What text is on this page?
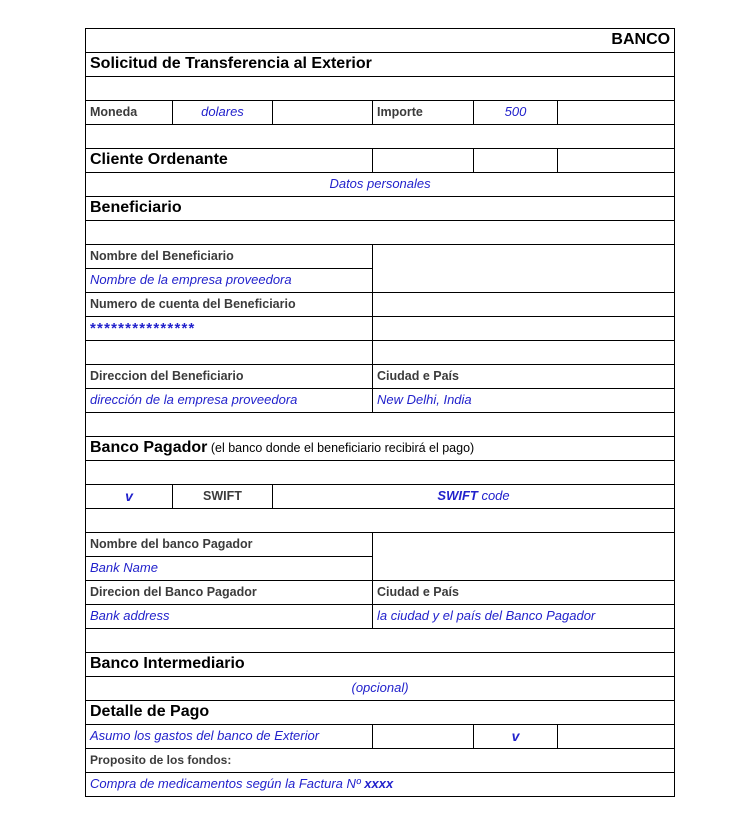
BANCO					
Solicitud de Transferencia al Exterior					

Moneda	dolares		Importe	500	

Cliente Ordenante					
Datos personales					
Beneficiario					

Nombre del Beneficiario					
Nombre de la empresa proveedora					
Numero de cuenta del Beneficiario					
***************					

Direccion del Beneficiario			Ciudad e País		
dirección de la empresa proveedora			New Delhi, India		

Banco Pagador (el banco donde el beneficiario recibirá el pago)					

v	SWIFT	SWIFT code			

Nombre del banco Pagador					
Bank Name					
Direcion del Banco Pagador			Ciudad e País		
Bank address			la ciudad y el país del Banco Pagador		

Banco Intermediario					
(opcional)					
Detalle de Pago					
Asumo los gastos del banco de Exterior				v	
Proposito de los fondos:					
Compra de medicamentos según la Factura Nº xxxx					
